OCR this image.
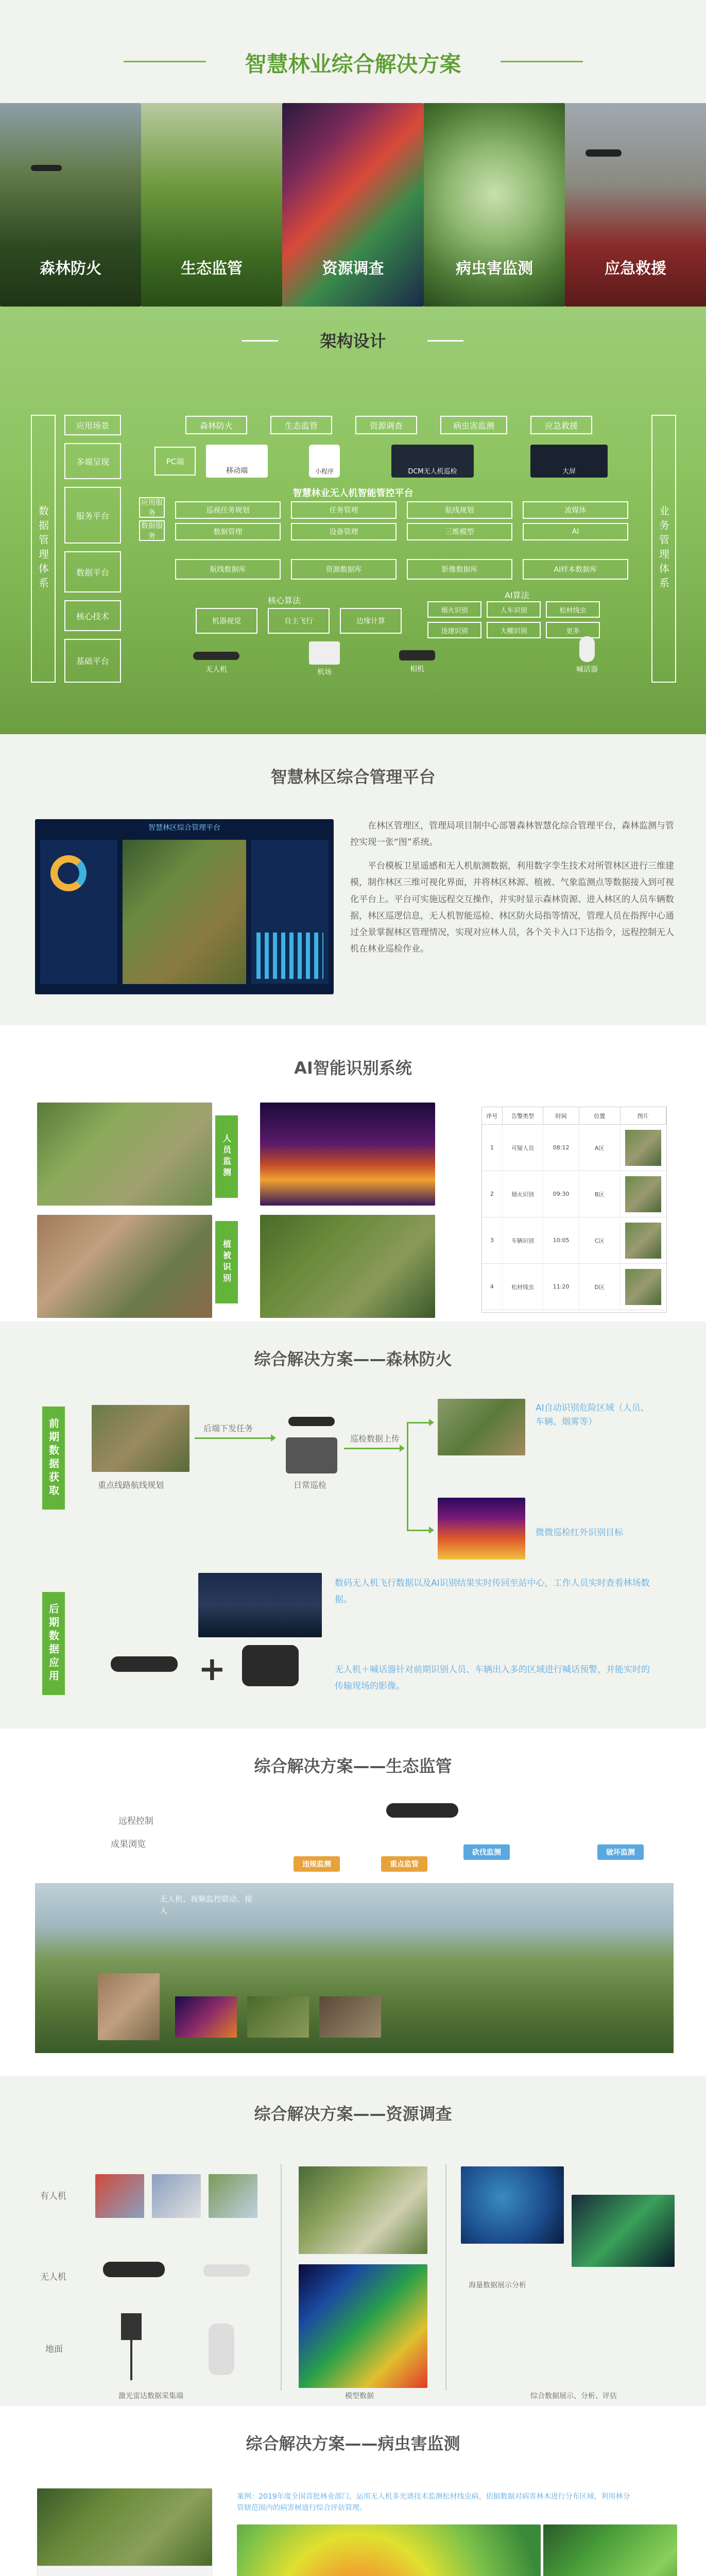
智慧林业综合解决方案
森林防火	生态监管	资源调查	病虫害监测	应急救援
架构设计
数据管理体系	业务管理体系
应用场景
多端呈现
服务平台
数据平台
核心技术
基础平台
森林防火	生态监管	资源调查	病虫害监测	应急救援
PC端
移动端	小程序	DCM无人机巡检	大屏
智慧林业无人机智能管控平台
应用服务
数据服务
巡视任务规划	任务管理	航线规划	流媒体
数据管理	设备管理	三维模型	AI
航线数据库	资源数据库	影像数据库	AI样本数据库
核心算法
机器视觉	自主飞行	边缘计算
AI算法
烟火识别	人车识别	松材线虫
违建识别	大棚识别	更多
无人机	机场	相机	喊话器
智慧林区综合管理平台
智慧林区综合管理平台	在林区管理区，管理局项目制中心部署森林智慧化综合管理平台，森林监测与管控实现一张“图”系统。
平台模板卫星遥感和无人机航测数据，利用数字孪生技术对所管林区进行三维建模，制作林区三维可视化界面，并将林区林源、植被、气象监测点等数据接入到可视化平台上。平台可实施远程交互操作，并实时显示森林资源、进入林区的人员车辆数据，林区巡逻信息，无人机智能巡检、林区防火局指等情况，管理人员在指挥中心通过全景掌握林区管理情况，实现对应林人员，各个关卡入口下达指令，远程控制无人机在林业巡检作业。
AI智能识别系统
人员监测
植被识别
序号	告警类型	时间	位置	图片
1	可疑人员	08:12	A区
2	烟火识别	09:30	B区
3	车辆识别	10:05	C区
4	松材线虫	11:20	D区
综合解决方案——森林防火
前期数据获取	重点线路航线规划
后端下发任务
日常巡检
巡检数据上传
AI自动识别危险区域（人员、车辆、烟雾等）
微微巡检红外识别目标
后期数据应用
数码无人机飞行数据以及AI识别结果实时传回至站中心，工作人员实时查看林场数据。
+	无人机＋喊话器针对前期识别人员、车辆出入多的区域进行喊话预警，并能实时的传输现场的影像。
综合解决方案——生态监管
远程控制
成果浏览
违规监测	重点监管
砍伐监测	破坏监测
无人机、视频监控联动、接入
综合解决方案——资源调查
有人机
无人机
地面
激光雷达数据采集端	模型数据
海量数据展示分析
综合数据展示、分析、评估
综合解决方案——病虫害监测
案例：2019年度全国首批林业部门，运用无人机多光谱技术监测松材线虫病，依据数据对病害林木进行分布区域，利用林分管辖范围内的病害树进行综合评估管理。
